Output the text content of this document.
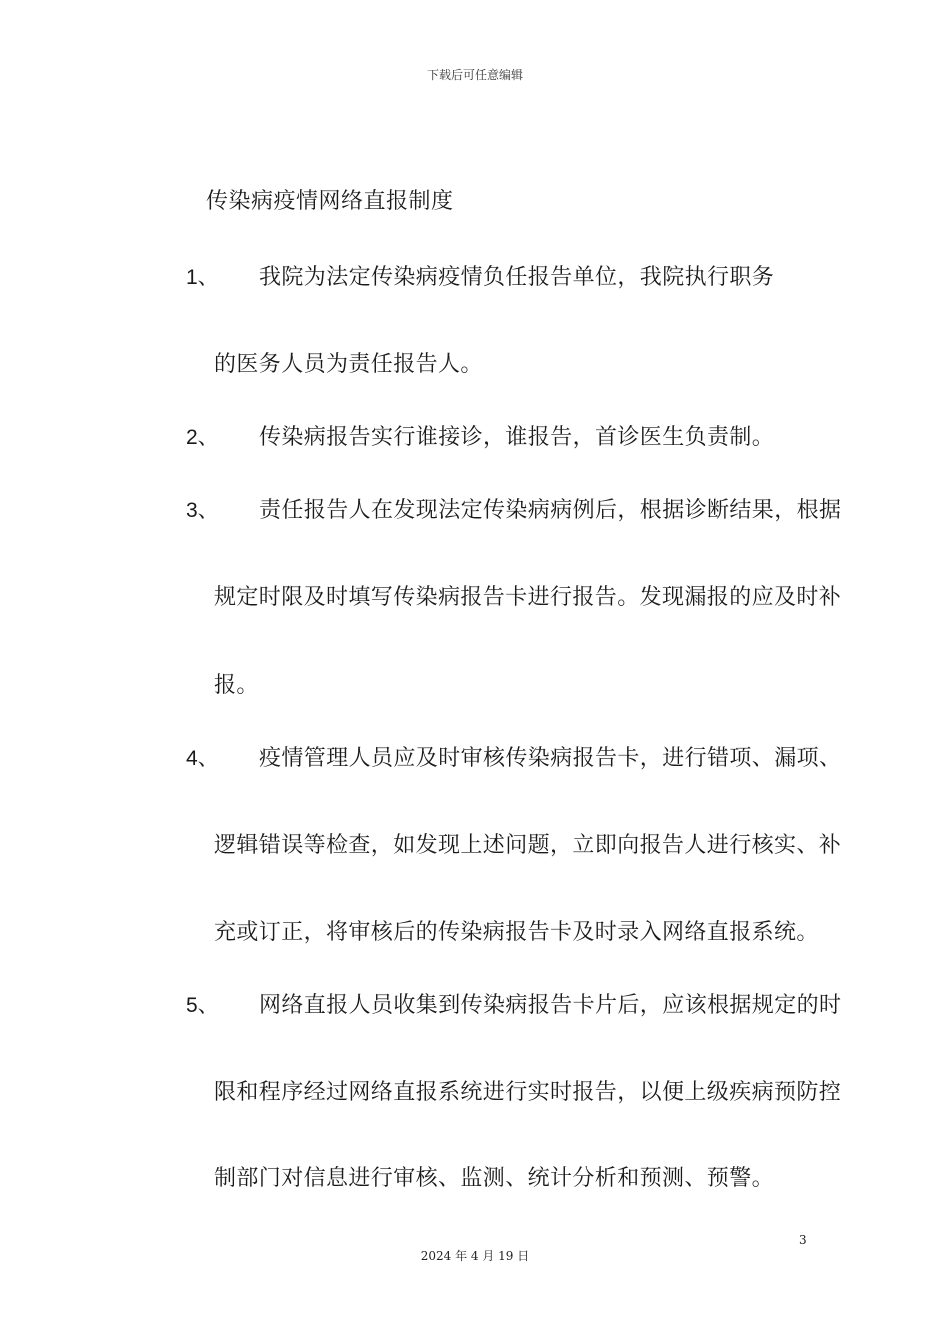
下载后可任意编辑
传染病疫情网络直报制度
1、 我院为法定传染病疫情负任报告单位，我院执行职务
的医务人员为责任报告人。
2、 传染病报告实行谁接诊，谁报告，首诊医生负责制。
3、 责任报告人在发现法定传染病病例后，根据诊断结果，根据
规定时限及时填写传染病报告卡进行报告。发现漏报的应及时补
报。
4、 疫情管理人员应及时审核传染病报告卡，进行错项、漏项、
逻辑错误等检查，如发现上述问题，立即向报告人进行核实、补
充或订正，将审核后的传染病报告卡及时录入网络直报系统。
5、 网络直报人员收集到传染病报告卡片后，应该根据规定的时
限和程序经过网络直报系统进行实时报告，以便上级疾病预防控
制部门对信息进行审核、监测、统计分析和预测、预警。
3
2024 年 4 月 19 日
